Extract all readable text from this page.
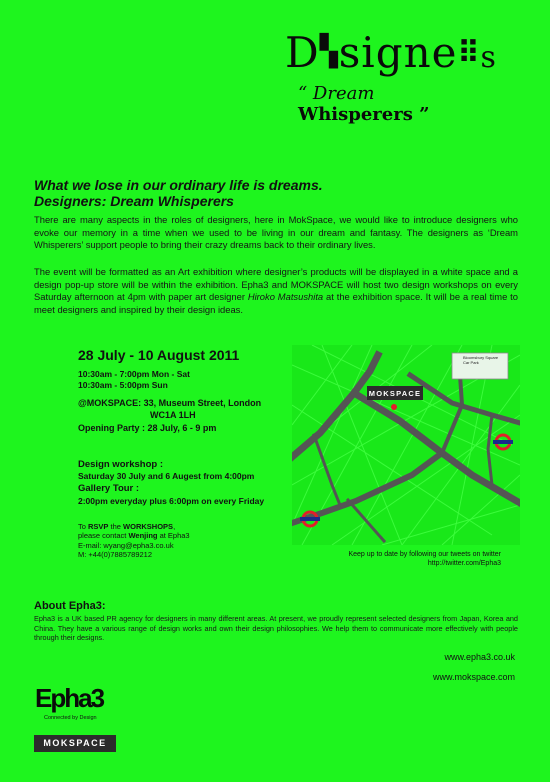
D▚signe⠿s
“ Dream
Whisperers ”
What we lose in our ordinary life is dreams.
Designers: Dream Whisperers
There are many aspects in the roles of designers, here in MokSpace, we would like to introduce designers who evoke our memory in a time when we used to be living in our dream and fantasy. The designers as ‘Dream Whisperers’ support people to bring their crazy dreams back to their ordinary lives.
The event will be formatted as an Art exhibition where designer’s products will be displayed in a white space and a design pop-up store will be within the exhibition. Epha3 and MOKSPACE will host two design workshops on every Saturday afternoon at 4pm with paper art designer Hiroko Matsushita at the exhibition space. It will be a real time to meet designers and inspired by their design ideas.
28 July - 10 August 2011
10:30am - 7:00pm Mon - Sat
10:30am - 5:00pm Sun
@MOKSPACE: 33, Museum Street, London
WC1A 1LH
Opening Party : 28 July, 6 - 9 pm
Design workshop :
Saturday 30 July and 6 Augest from 4:00pm
Gallery Tour :
2:00pm everyday plus 6:00pm on every Friday
To RSVP the WORKSHOPS,
please contact Wenjing at Epha3
E-mail: wyang@epha3.co.uk
M: +44(0)7885789212
MOKSPACE
Bloomsbury Square Car Park
Keep up to date by following our tweets on twitter
http://twitter.com/Epha3
About Epha3:
Epha3 is a UK based PR agency for designers in many different areas. At present, we proudly represent selected designers from Japan, Korea and China. They have a various range of design works and own their design philosophies. We help them to communicate more effectively with people through their designs.
www.epha3.co.uk
www.mokspace.com
Epha3
Connected by Design
MOKSPACE
